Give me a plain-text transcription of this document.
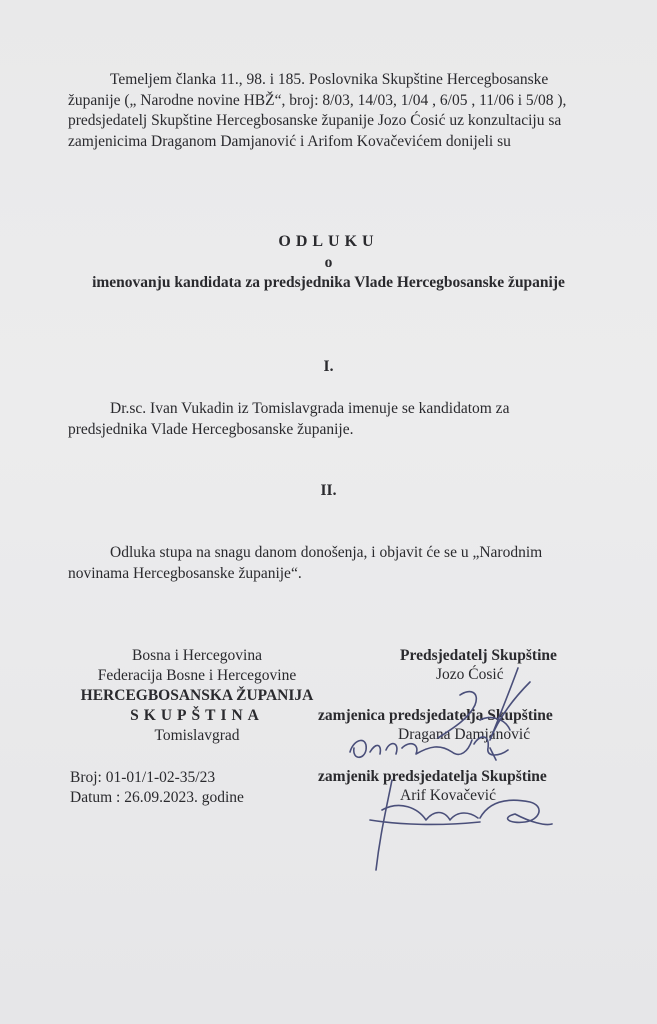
Temeljem članka 11., 98. i 185. Poslovnika Skupštine Hercegbosanske
županije („ Narodne novine HBŽ“, broj: 8/03, 14/03, 1/04 , 6/05 , 11/06 i 5/08 ),
predsjedatelj Skupštine Hercegbosanske županije Jozo Ćosić uz konzultaciju sa
zamjenicima Draganom Damjanović i Arifom Kovačevićem donijeli su
ODLUKU
o
imenovanju kandidata za predsjednika Vlade Hercegbosanske županije
I.
Dr.sc. Ivan Vukadin iz Tomislavgrada imenuje se kandidatom za
predsjednika Vlade Hercegbosanske županije.
II.
Odluka stupa na snagu danom donošenja, i objavit će se u „Narodnim
novinama Hercegbosanske županije“.
Bosna i Hercegovina
Federacija Bosne i Hercegovine
HERCEGBOSANSKA ŽUPANIJA
SKUPŠTINA
Tomislavgrad
Broj: 01-01/1-02-35/23
Datum : 26.09.2023. godine
Predsjedatelj Skupštine
Jozo Ćosić
zamjenica predsjedatelja Skupštine
Dragana Damjanović
zamjenik predsjedatelja Skupštine
Arif Kovačević
